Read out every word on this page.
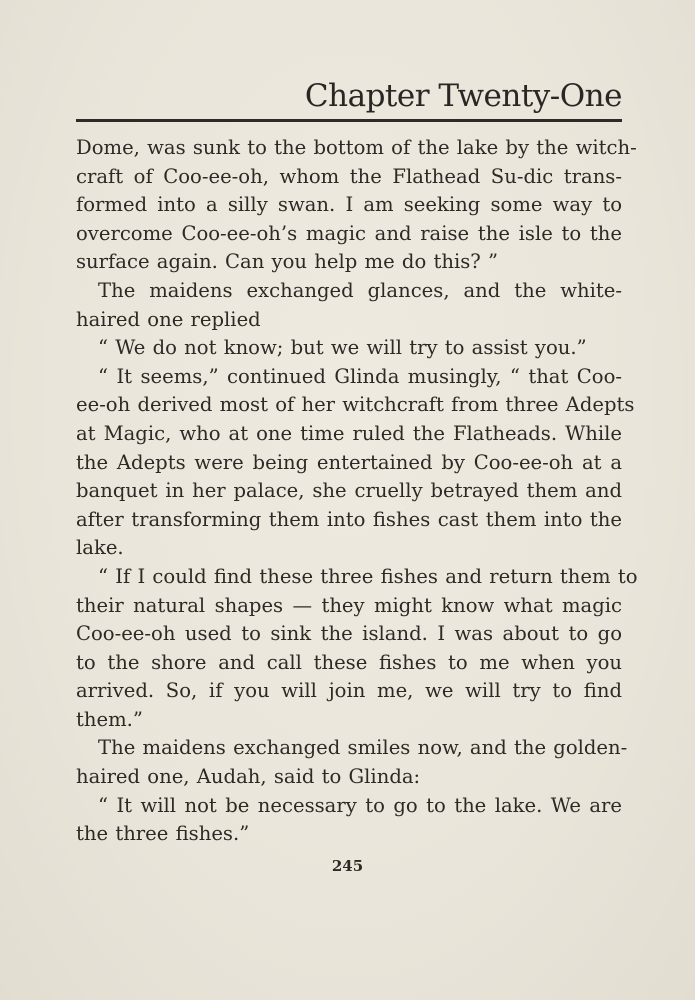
Chapter Twenty-One
Dome, was sunk to the bottom of the lake by the witch-
craft of Coo-ee-oh, whom the Flathead Su-dic trans-
formed into a silly swan. I am seeking some way to
overcome Coo-ee-oh’s magic and raise the isle to the
surface again. Can you help me do this? ”
The maidens exchanged glances, and the white-
haired one replied
“ We do not know; but we will try to assist you.”
“ It seems,” continued Glinda musingly, “ that Coo-
ee-oh derived most of her witchcraft from three Adepts
at Magic, who at one time ruled the Flatheads. While
the Adepts were being entertained by Coo-ee-oh at a
banquet in her palace, she cruelly betrayed them and
after transforming them into fishes cast them into the
lake.
“ If I could find these three fishes and return them to
their natural shapes — they might know what magic
Coo-ee-oh used to sink the island. I was about to go
to the shore and call these fishes to me when you
arrived. So, if you will join me, we will try to find
them.”
The maidens exchanged smiles now, and the golden-
haired one, Audah, said to Glinda:
“ It will not be necessary to go to the lake. We are
the three fishes.”
245
